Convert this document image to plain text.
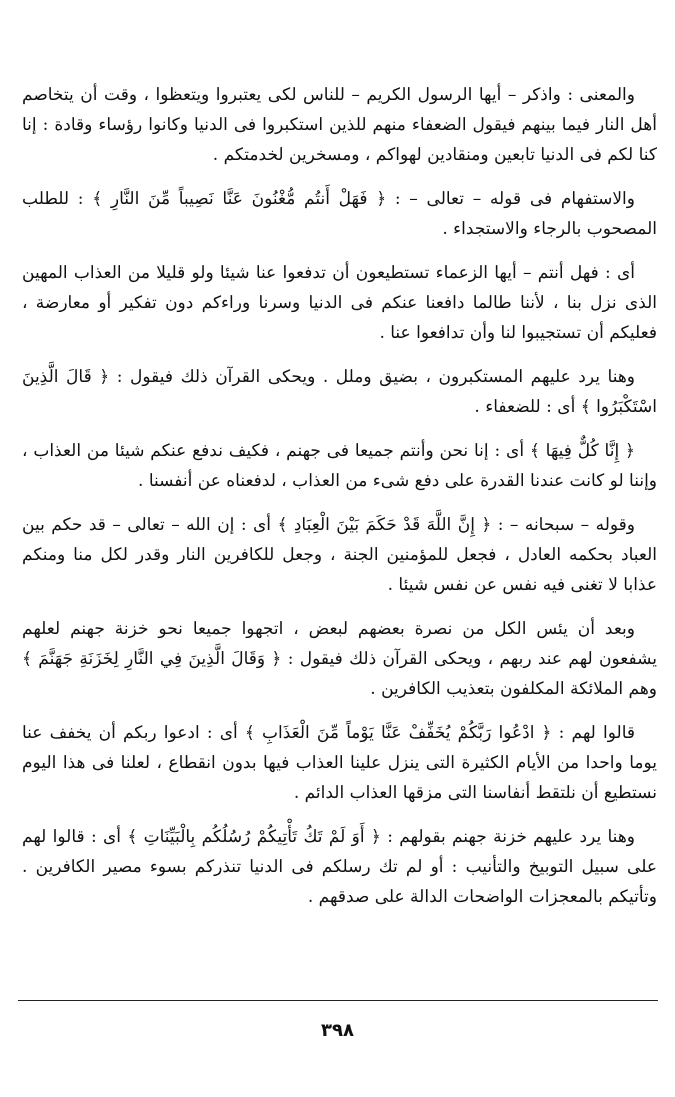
والمعنى : واذكر – أيها الرسول الكريم – للناس لكى يعتبروا ويتعظوا ، وقت أن يتخاصم أهل النار فيما بينهم فيقول الضعفاء منهم للذين استكبروا فى الدنيا وكانوا رؤساء وقادة : إنا كنا لكم فى الدنيا تابعين ومنقادين لهواكم ، ومسخرين لخدمتكم .

والاستفهام فى قوله – تعالى – : ﴿ فَهَلْ أَنتُم مُّغْنُونَ عَنَّا نَصِيباً مِّنَ النَّارِ ﴾ : للطلب المصحوب بالرجاء والاستجداء .

أى : فهل أنتم – أيها الزعماء تستطيعون أن تدفعوا عنا شيئا ولو قليلا من العذاب المهين الذى نزل بنا ، لأننا طالما دافعنا عنكم فى الدنيا وسرنا وراءكم دون تفكير أو معارضة ، فعليكم أن تستجيبوا لنا وأن تدافعوا عنا .

وهنا يرد عليهم المستكبرون ، بضيق وملل . ويحكى القرآن ذلك فيقول : ﴿ قَالَ الَّذِينَ اسْتَكْبَرُوا ﴾ أى : للضعفاء .

﴿ إِنَّا كُلٌّ فِيهَا ﴾ أى : إنا نحن وأنتم جميعا فى جهنم ، فكيف ندفع عنكم شيئا من العذاب ، وإننا لو كانت عندنا القدرة على دفع شىء من العذاب ، لدفعناه عن أنفسنا .

وقوله – سبحانه – : ﴿ إِنَّ اللَّهَ قَدْ حَكَمَ بَيْنَ الْعِبَادِ ﴾ أى : إن الله – تعالى – قد حكم بين العباد بحكمه العادل ، فجعل للمؤمنين الجنة ، وجعل للكافرين النار وقدر لكل منا ومنكم عذابا لا تغنى فيه نفس عن نفس شيئا .

وبعد أن يئس الكل من نصرة بعضهم لبعض ، اتجهوا جميعا نحو خزنة جهنم لعلهم يشفعون لهم عند ربهم ، ويحكى القرآن ذلك فيقول : ﴿ وَقَالَ الَّذِينَ فِي النَّارِ لِخَزَنَةِ جَهَنَّمَ ﴾ وهم الملائكة المكلفون بتعذيب الكافرين .

قالوا لهم : ﴿ ادْعُوا رَبَّكُمْ يُخَفِّفْ عَنَّا يَوْماً مِّنَ الْعَذَابِ ﴾ أى : ادعوا ربكم أن يخفف عنا يوما واحدا من الأيام الكثيرة التى ينزل علينا العذاب فيها بدون انقطاع ، لعلنا فى هذا اليوم نستطيع أن نلتقط أنفاسنا التى مزقها العذاب الدائم .

وهنا يرد عليهم خزنة جهنم بقولهم : ﴿ أَوَ لَمْ تَكُ تَأْتِيكُمْ رُسُلُكُم بِالْبَيِّنَاتِ ﴾ أى : قالوا لهم على سبيل التوبيخ والتأنيب : أو لم تك رسلكم فى الدنيا تنذركم بسوء مصير الكافرين . وتأتيكم بالمعجزات الواضحات الدالة على صدقهم .

٣٩٨
